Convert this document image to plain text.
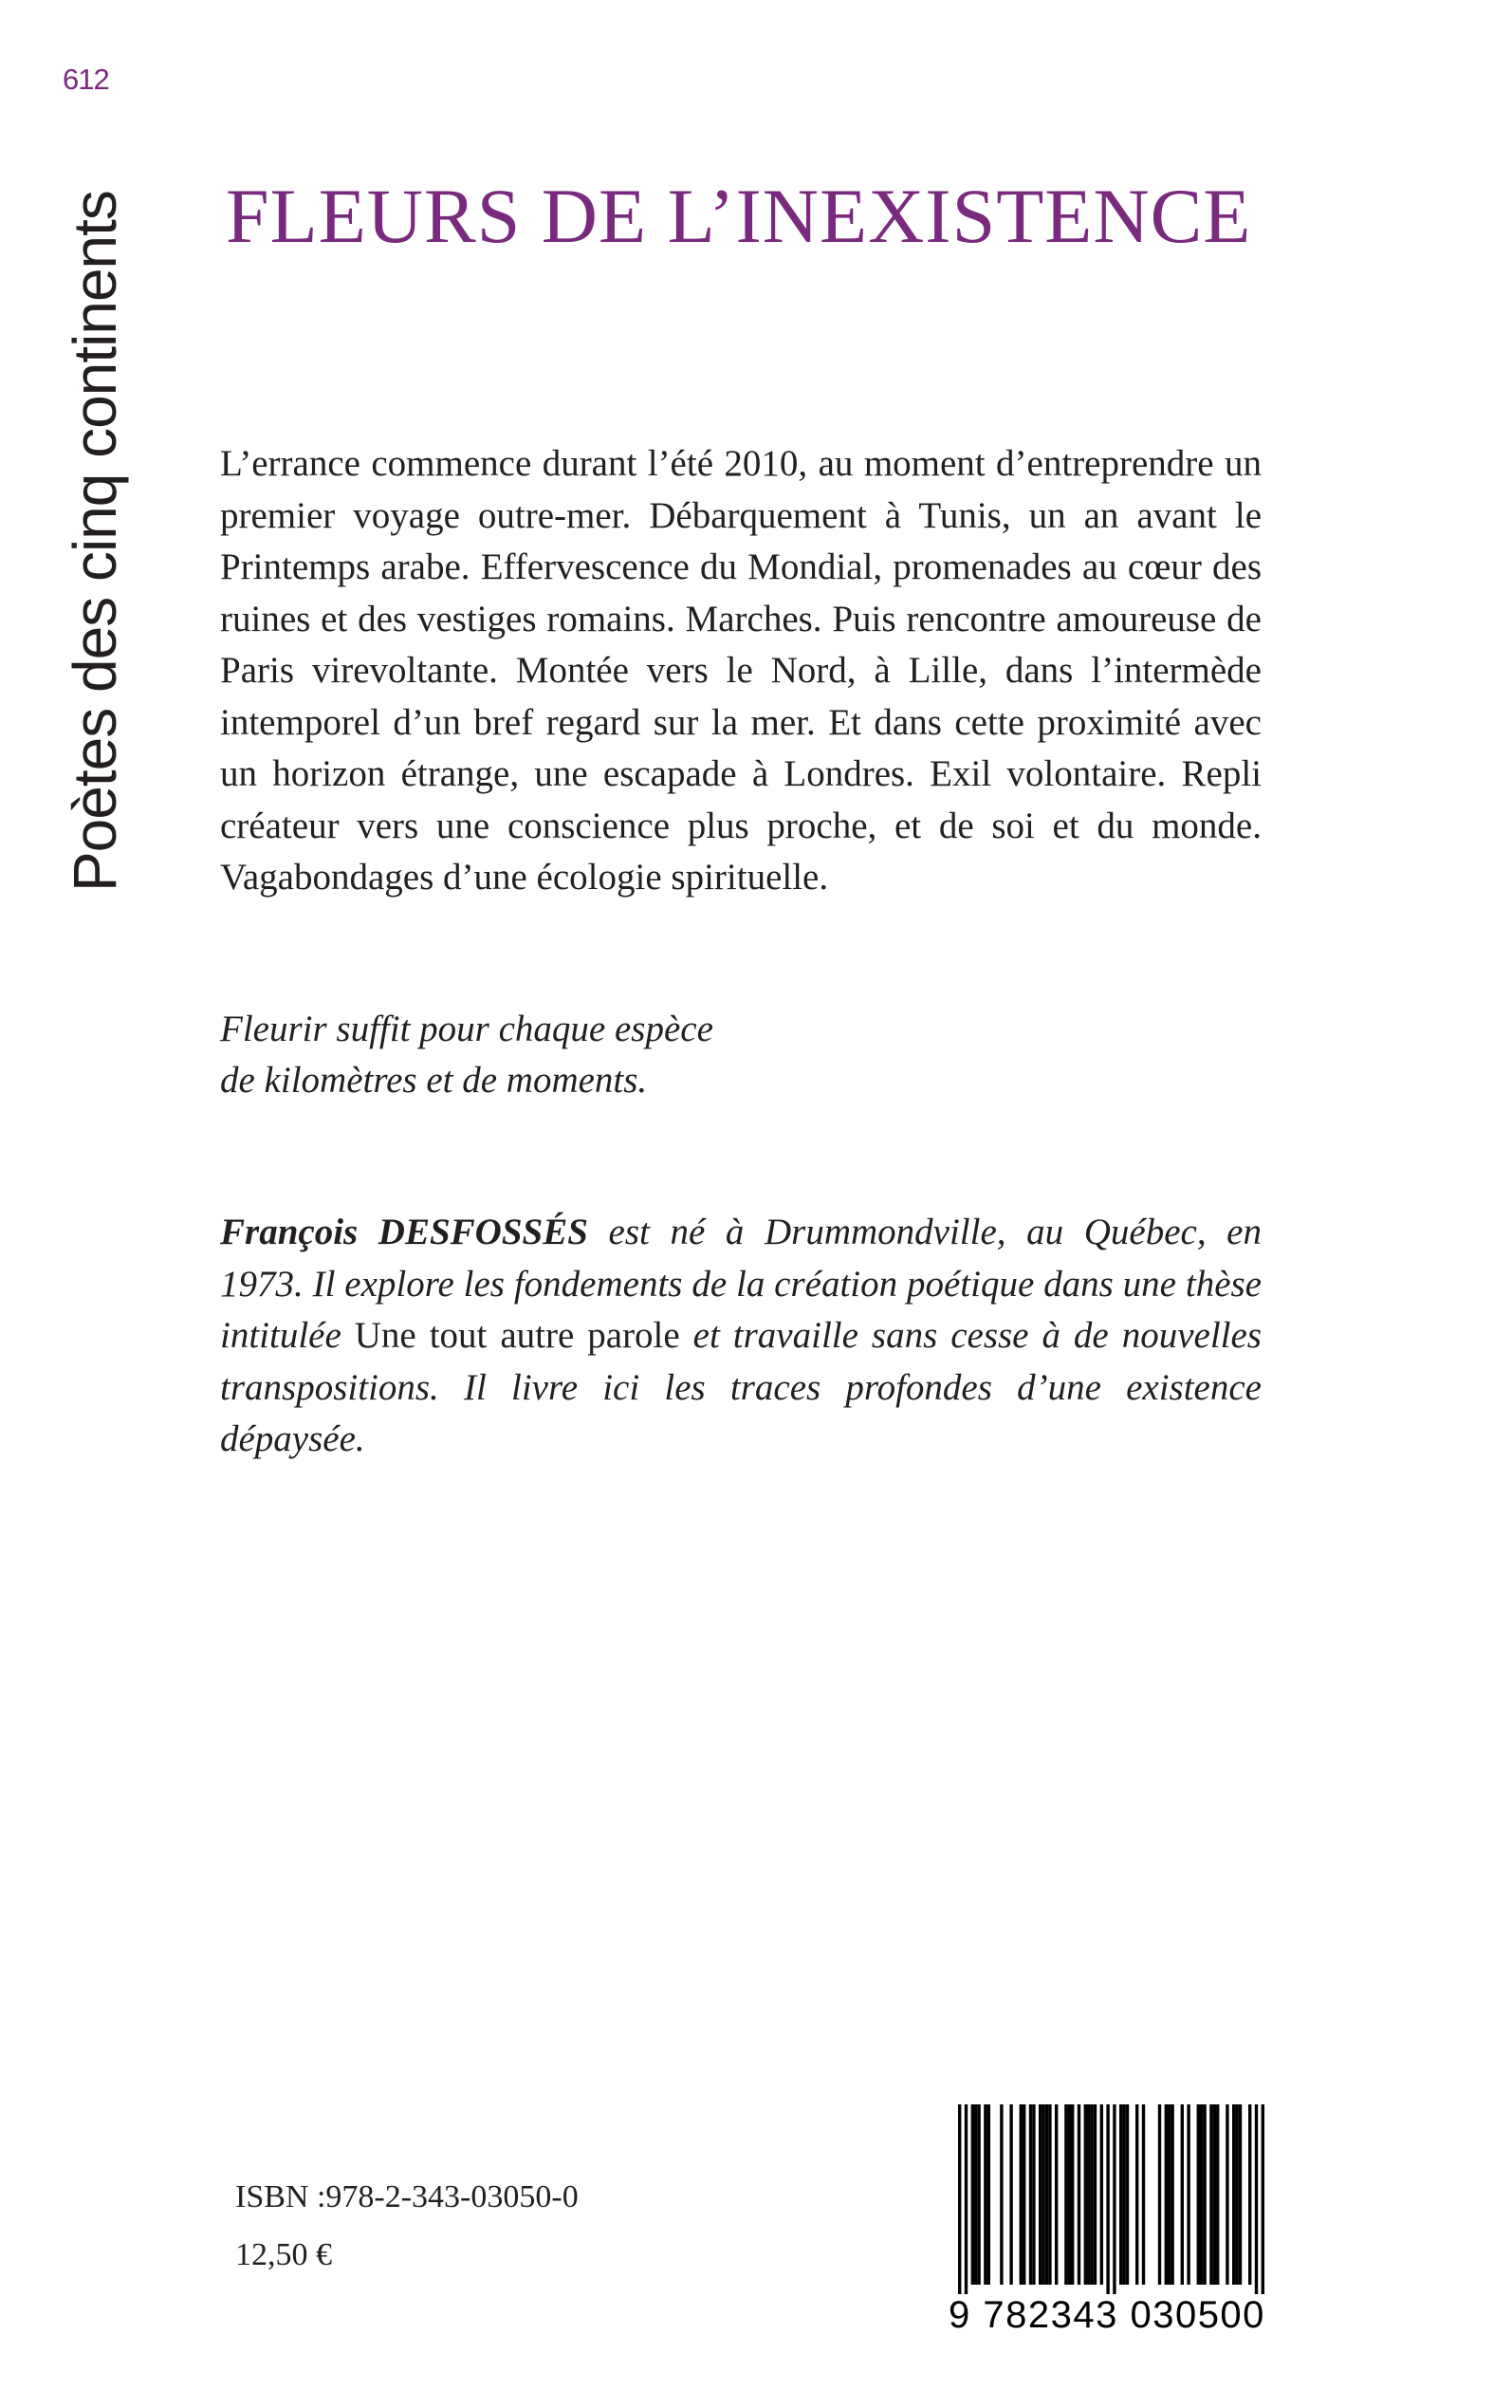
612
Poètes des cinq continents FLEURS DE L’INEXISTENCE

L’errance commence durant l’été 2010, au moment d’entreprendre un premier voyage outre-mer. Débarquement à Tunis, un an avant le Printemps arabe. Effervescence du Mondial, promenades au cœur des ruines et des vestiges romains. Marches. Puis rencontre amoureuse de Paris virevoltante. Montée vers le Nord, à Lille, dans l’intermède intemporel d’un bref regard sur la mer. Et dans cette proximité avec un horizon étrange, une escapade à Londres. Exil volontaire. Repli créateur vers une conscience plus proche, et de soi et du monde. Vagabondages d’une écologie spirituelle.

Fleurir suffit pour chaque espèce
de kilomètres et de moments.

François DESFOSSÉS est né à Drummondville, au Québec, en 1973. Il explore les fondements de la création poétique dans une thèse intitulée Une tout autre parole et travaille sans cesse à de nouvelles transpositions. Il livre ici les traces profondes d’une existence dépaysée.

ISBN :978-2-343-03050-0
12,50 €
9 782343 030500
